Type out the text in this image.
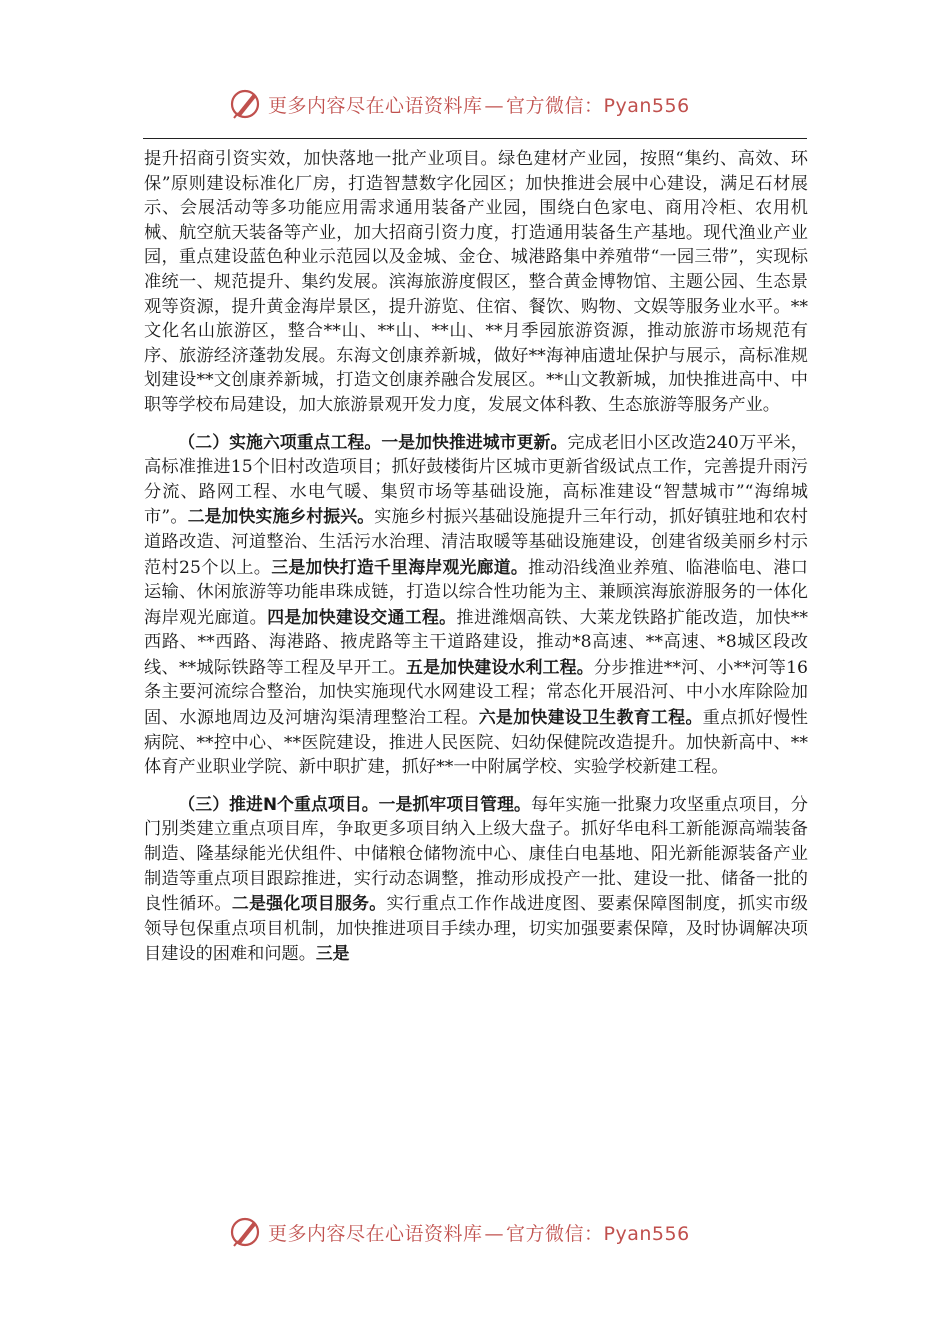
更多内容尽在心语资料库 — 官方微信：Pyan556

提升招商引资实效，加快落地一批产业项目。绿色建材产业园，按照“集约、高效、环保”原则建设标准化厂房，打造智慧数字化园区；加快推进会展中心建设，满足石材展示、会展活动等多功能应用需求通用装备产业园，围绕白色家电、商用冷柜、农用机械、航空航天装备等产业，加大招商引资力度，打造通用装备生产基地。现代渔业产业园，重点建设蓝色种业示范园以及金城、金仓、城港路集中养殖带“一园三带”，实现标准统一、规范提升、集约发展。滨海旅游度假区，整合黄金博物馆、主题公园、生态景观等资源，提升黄金海岸景区，提升游览、住宿、餐饮、购物、文娱等服务业水平。**文化名山旅游区，整合**山、**山、**山、**月季园旅游资源，推动旅游市场规范有序、旅游经济蓬勃发展。东海文创康养新城，做好**海神庙遗址保护与展示，高标准规划建设**文创康养新城，打造文创康养融合发展区。**山文教新城，加快推进高中、中职等学校布局建设，加大旅游景观开发力度，发展文体科教、生态旅游等服务产业。

（二）实施六项重点工程。一是加快推进城市更新。完成老旧小区改造240万平米，高标准推进15个旧村改造项目；抓好鼓楼街片区城市更新省级试点工作，完善提升雨污分流、路网工程、水电气暖、集贸市场等基础设施，高标准建设“智慧城市”“海绵城市”。二是加快实施乡村振兴。实施乡村振兴基础设施提升三年行动，抓好镇驻地和农村道路改造、河道整治、生活污水治理、清洁取暖等基础设施建设，创建省级美丽乡村示范村25个以上。三是加快打造千里海岸观光廊道。推动沿线渔业养殖、临港临电、港口运输、休闲旅游等功能串珠成链，打造以综合性功能为主、兼顾滨海旅游服务的一体化海岸观光廊道。四是加快建设交通工程。推进潍烟高铁、大莱龙铁路扩能改造，加快**西路、**西路、海港路、掖虎路等主干道路建设，推动*8高速、**高速、*8城区段改线、**城际铁路等工程及早开工。五是加快建设水利工程。分步推进**河、小**河等16条主要河流综合整治，加快实施现代水网建设工程；常态化开展沿河、中小水库除险加固、水源地周边及河塘沟渠清理整治工程。六是加快建设卫生教育工程。重点抓好慢性病院、**控中心、**医院建设，推进人民医院、妇幼保健院改造提升。加快新高中、**体育产业职业学院、新中职扩建，抓好**一中附属学校、实验学校新建工程。

（三）推进N个重点项目。一是抓牢项目管理。每年实施一批聚力攻坚重点项目，分门别类建立重点项目库，争取更多项目纳入上级大盘子。抓好华电科工新能源高端装备制造、隆基绿能光伏组件、中储粮仓储物流中心、康佳白电基地、阳光新能源装备产业制造等重点项目跟踪推进，实行动态调整，推动形成投产一批、建设一批、储备一批的良性循环。二是强化项目服务。实行重点工作作战进度图、要素保障图制度，抓实市级领导包保重点项目机制，加快推进项目手续办理，切实加强要素保障，及时协调解决项目建设的困难和问题。三是

更多内容尽在心语资料库 — 官方微信：Pyan556
